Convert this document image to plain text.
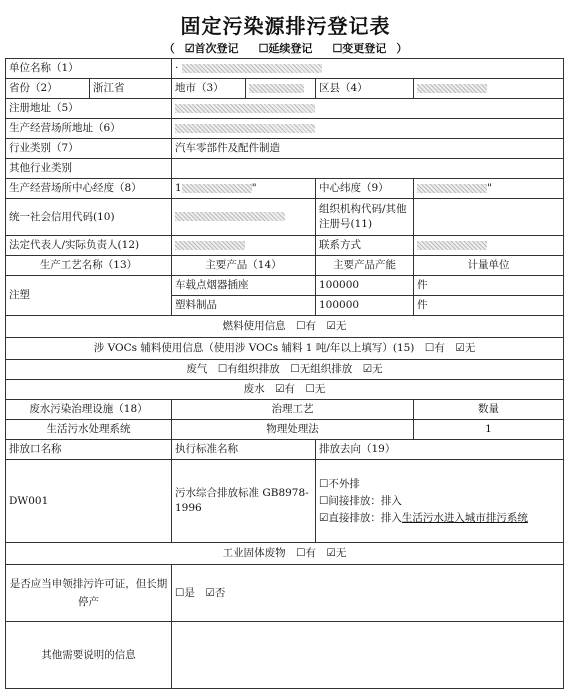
固定污染源排污登记表
（ ☑首次登记 ☐延续登记 ☐变更登记 ）
单位名称（1）		·			
省份（2）	浙江省	地市（3）		区县（4）	
注册地址（5）					
生产经营场所地址（6）					
行业类别（7）		汽车零部件及配件制造			
其他行业类别					
生产经营场所中心经度（8）		1 "		中心纬度（9）	"
统一社会信用代码(10)				组织机构代码/其他注册号(11)	
法定代表人/实际负责人(12)				联系方式	
生产工艺名称（13）		主要产品（14）		主要产品产能	计量单位
注塑		车载点烟器插座		100000	件
		塑料制品		100000	件
燃料使用信息　☐有　☑无					
涉 VOCs 辅料使用信息（使用涉 VOCs 辅料 1 吨/年以上填写）(15)　☐有　☑无					
废气　☐有组织排放　☐无组织排放　☑无					
废水　☑有　☐无					
废水污染治理设施（18）		治理工艺			数量
生活污水处理系统		物理处理法			1
排放口名称		执行标准名称		排放去向（19）	
DW001		污水综合排放标准 GB8978-1996		☐不外排
☐间接排放：排入
☑直接排放：排入生活污水进入城市排污系统	

工业固体废物　☐有　☑无					
是否应当申领排污许可证，但长期停产		☐是　 ☑否			
其他需要说明的信息					
